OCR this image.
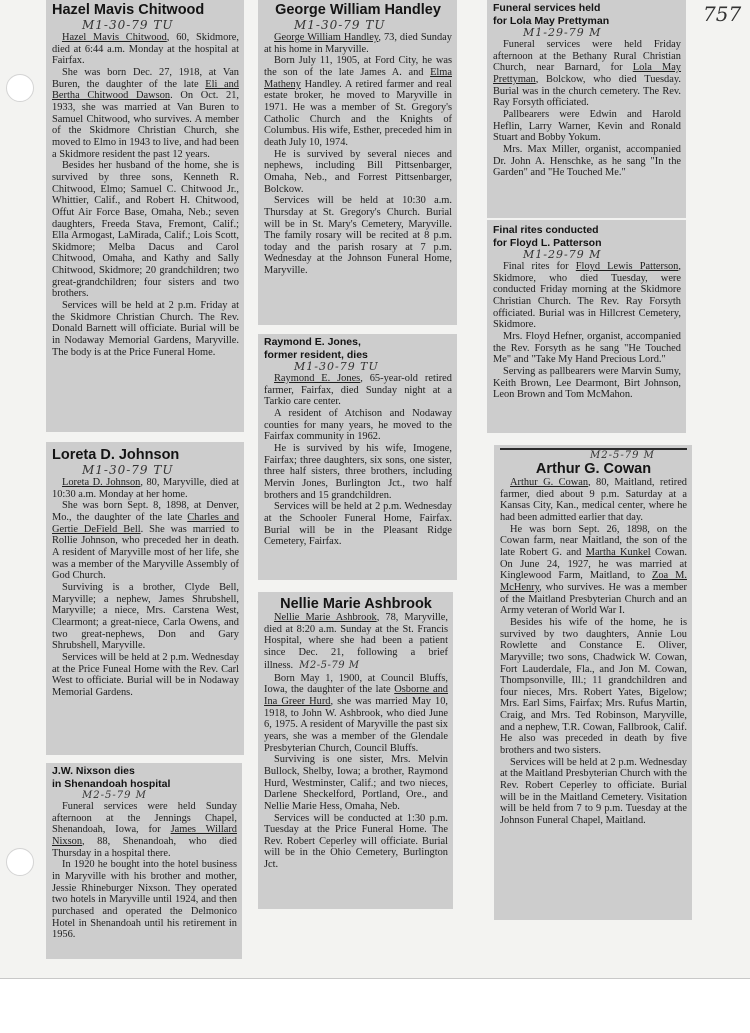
757
Hazel Mavis Chitwood
M1-30-79 TU

Hazel Mavis Chitwood, 60, Skidmore, died at 6:44 a.m. Monday at the hospital at Fairfax.

She was born Dec. 27, 1918, at Van Buren, the daughter of the late Eli and Bertha Chitwood Dawson. On Oct. 21, 1933, she was married at Van Buren to Samuel Chitwood, who survives. A member of the Skidmore Christian Church, she moved to Elmo in 1943 to live, and had been a Skidmore resident the past 12 years.

Besides her husband of the home, she is survived by three sons, Kenneth R. Chitwood, Elmo; Samuel C. Chitwood Jr., Whittier, Calif., and Robert H. Chitwood, Offut Air Force Base, Omaha, Neb.; seven daughters, Freeda Stava, Fremont, Calif.; Ella Armogast, LaMirada, Calif.; Lois Scott, Skidmore; Melba Dacus and Carol Chitwood, Omaha, and Kathy and Sally Chitwood, Skidmore; 20 grandchildren; two great-grandchildren; four sisters and two brothers.

Services will be held at 2 p.m. Friday at the Skidmore Christian Church. The Rev. Donald Barnett will officiate. Burial will be in Nodaway Memorial Gardens, Maryville. The body is at the Price Funeral Home.

Loreta D. Johnson
M1-30-79 TU

Loreta D. Johnson, 80, Maryville, died at 10:30 a.m. Monday at her home.

She was born Sept. 8, 1898, at Denver, Mo., the daughter of the late Charles and Gertie DeField Bell. She was married to Rollie Johnson, who preceded her in death. A resident of Maryville most of her life, she was a member of the Maryville Assembly of God Church.

Surviving is a brother, Clyde Bell, Maryville; a nephew, James Shrubshell, Maryville; a niece, Mrs. Carstena West, Clearmont; a great-niece, Carla Owens, and two great-nephews, Don and Gary Shrubshell, Maryville.

Services will be held at 2 p.m. Wednesday at the Price Funeal Home with the Rev. Carl West to officiate. Burial will be in Nodaway Memorial Gardens.

J.W. Nixson dies
in Shenandoah hospital
M2-5-79 M

Funeral services were held Sunday afternoon at the Jennings Chapel, Shenandoah, Iowa, for James Willard Nixson, 88, Shenandoah, who died Thursday in a hospital there.

In 1920 he bought into the hotel business in Maryville with his brother and mother, Jessie Rhineburger Nixson. They operated two hotels in Maryville until 1924, and then purchased and operated the Delmonico Hotel in Shenandoah until his retirement in 1956.

George William Handley
M1-30-79 TU

George William Handley, 73, died Sunday at his home in Maryville.

Born July 11, 1905, at Ford City, he was the son of the late James A. and Elma Matheny Handley. A retired farmer and real estate broker, he moved to Maryville in 1971. He was a member of St. Gregory's Catholic Church and the Knights of Columbus. His wife, Esther, preceded him in death July 10, 1974.

He is survived by several nieces and nephews, including Bill Pittsenbarger, Omaha, Neb., and Forrest Pittsenbarger, Bolckow.

Services will be held at 10:30 a.m. Thursday at St. Gregory's Church. Burial will be in St. Mary's Cemetery, Maryville. The family rosary will be recited at 8 p.m. today and the parish rosary at 7 p.m. Wednesday at the Johnson Funeral Home, Maryville.

Raymond E. Jones,
former resident, dies
M1-30-79 TU

Raymond E. Jones, 65-year-old retired farmer, Fairfax, died Sunday night at a Tarkio care center.

A resident of Atchison and Nodaway counties for many years, he moved to the Fairfax community in 1962.

He is survived by his wife, Imogene, Fairfax; three daughters, six sons, one sister, three half sisters, three brothers, including Mervin Jones, Burlington Jct., two half brothers and 15 grandchildren.

Services will be held at 2 p.m. Wednesday at the Schooler Funeral Home, Fairfax. Burial will be in the Pleasant Ridge Cemetery, Fairfax.

Nellie Marie Ashbrook

Nellie Marie Ashbrook, 78, Maryville, died at 8:20 a.m. Sunday at the St. Francis Hospital, where she had been a patient since Dec. 21, following a brief illness. M2-5-79 M

Born May 1, 1900, at Council Bluffs, Iowa, the daughter of the late Osborne and Ina Greer Hurd, she was married May 10, 1918, to John W. Ashbrook, who died June 6, 1975. A resident of Maryville the past six years, she was a member of the Glendale Presbyterian Church, Council Bluffs.

Surviving is one sister, Mrs. Melvin Bullock, Shelby, Iowa; a brother, Raymond Hurd, Westminster, Calif.; and two nieces, Darlene Sheckelford, Portland, Ore., and Nellie Marie Hess, Omaha, Neb.

Services will be conducted at 1:30 p.m. Tuesday at the Price Funeral Home. The Rev. Robert Ceperley will officiate. Burial will be in the Ohio Cemetery, Burlington Jct.

Funeral services held
for Lola May Prettyman
M1-29-79 M

Funeral services were held Friday afternoon at the Bethany Rural Christian Church, near Barnard, for Lola May Prettyman, Bolckow, who died Tuesday. Burial was in the church cemetery. The Rev. Ray Forsyth officiated.

Pallbearers were Edwin and Harold Heflin, Larry Warner, Kevin and Ronald Stuart and Bobby Yokum.

Mrs. Max Miller, organist, accompanied Dr. John A. Henschke, as he sang "In the Garden" and "He Touched Me."

Final rites conducted
for Floyd L. Patterson
M1-29-79 M

Final rites for Floyd Lewis Patterson, Skidmore, who died Tuesday, were conducted Friday morning at the Skidmore Christian Church. The Rev. Ray Forsyth officiated. Burial was in Hillcrest Cemetery, Skidmore.

Mrs. Floyd Hefner, organist, accompanied the Rev. Forsyth as he sang "He Touched Me" and "Take My Hand Precious Lord."

Serving as pallbearers were Marvin Sumy, Keith Brown, Lee Dearmont, Birt Johnson, Leon Brown and Tom McMahon.

M2-5-79 M
Arthur G. Cowan

Arthur G. Cowan, 80, Maitland, retired farmer, died about 9 p.m. Saturday at a Kansas City, Kan., medical center, where he had been admitted earlier that day.

He was born Sept. 26, 1898, on the Cowan farm, near Maitland, the son of the late Robert G. and Martha Kunkel Cowan. On June 24, 1927, he was married at Kinglewood Farm, Maitland, to Zoa M. McHenry, who survives. He was a member of the Maitland Presbyterian Church and an Army veteran of World War I.

Besides his wife of the home, he is survived by two daughters, Annie Lou Rowlette and Constance E. Oliver, Maryville; two sons, Chadwick W. Cowan, Fort Lauderdale, Fla., and Jon M. Cowan, Thompsonville, Ill.; 11 grandchildren and four nieces, Mrs. Robert Yates, Bigelow; Mrs. Earl Sims, Fairfax; Mrs. Rufus Martin, Craig, and Mrs. Ted Robinson, Maryville, and a nephew, T.R. Cowan, Fallbrook, Calif. He also was preceded in death by five brothers and two sisters.

Services will be held at 2 p.m. Wednesday at the Maitland Presbyterian Church with the Rev. Robert Ceperley to officiate. Burial will be in the Maitland Cemetery. Visitation will be held from 7 to 9 p.m. Tuesday at the Johnson Funeral Chapel, Maitland.
